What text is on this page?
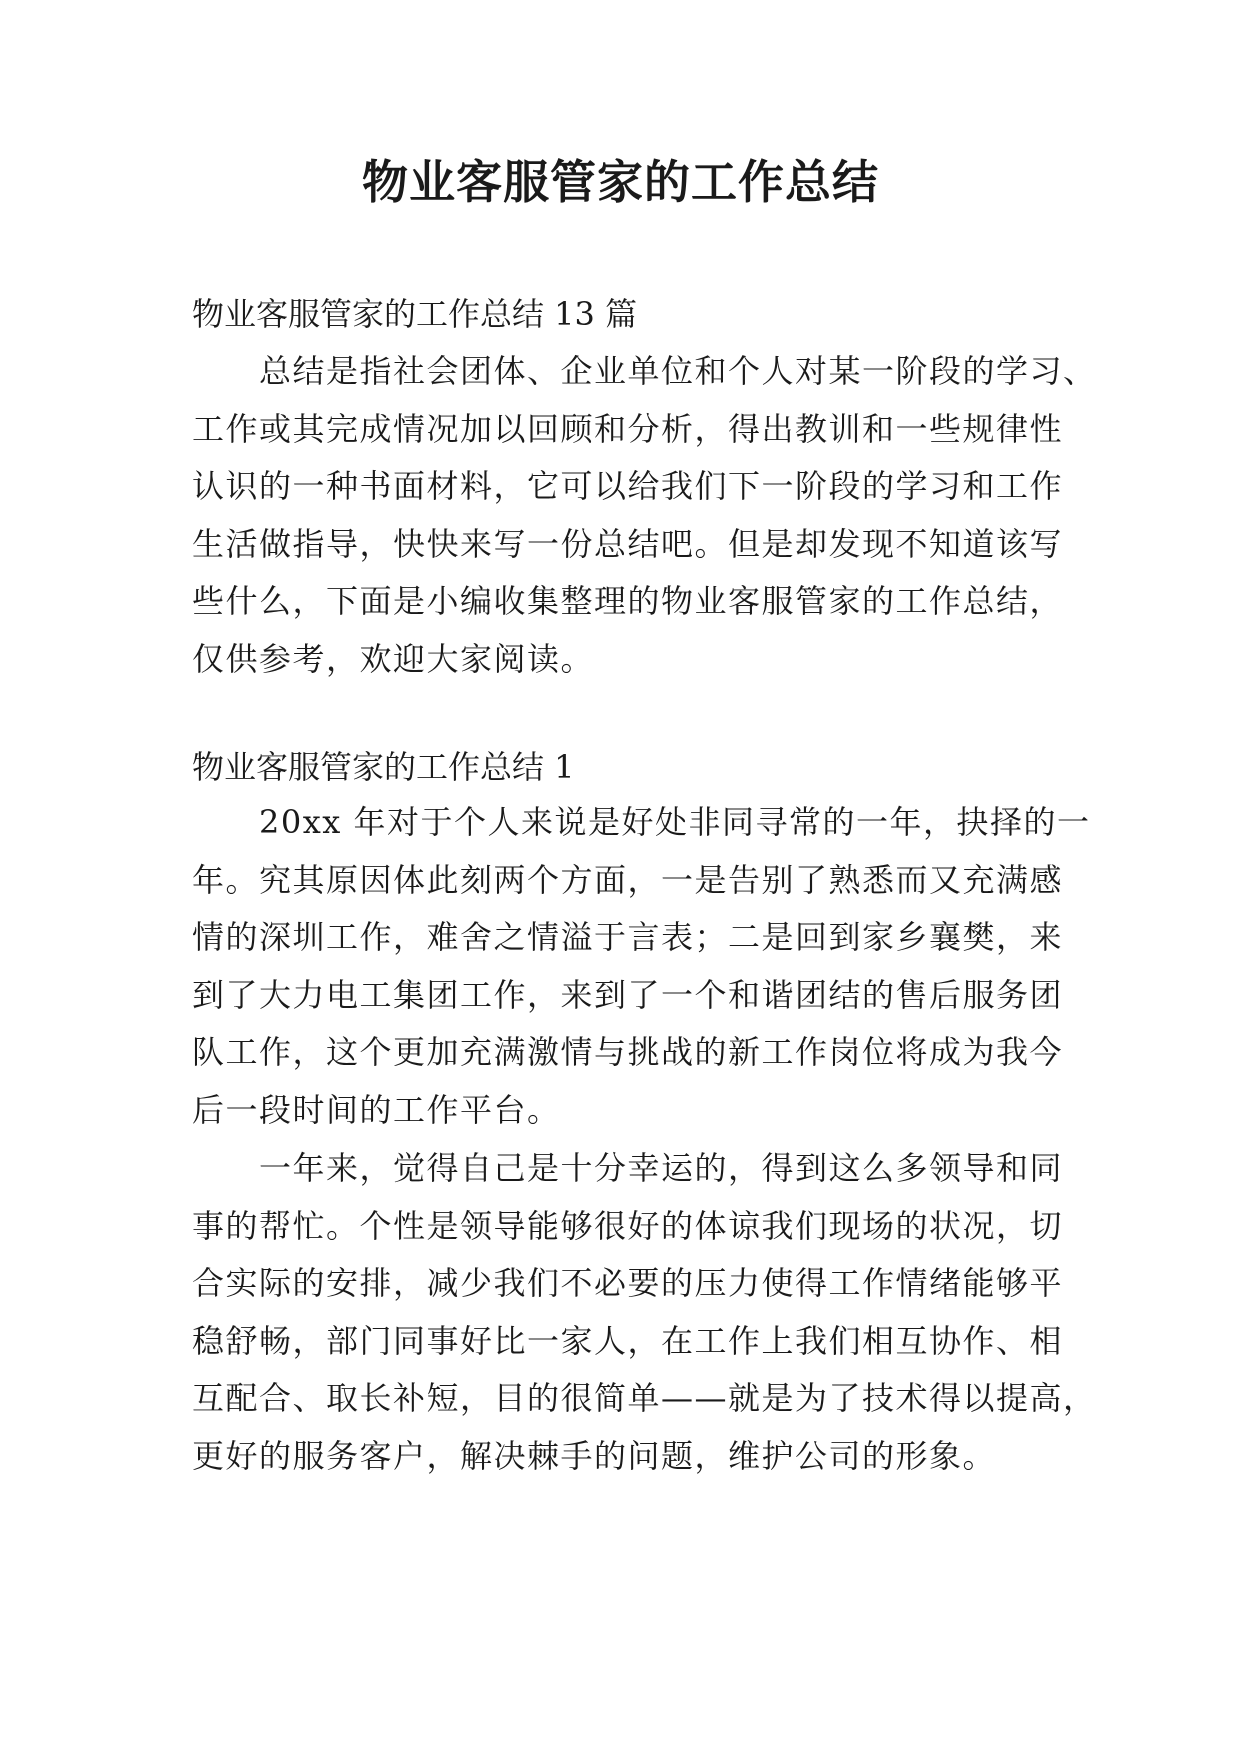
物业客服管家的工作总结
物业客服管家的工作总结 13 篇
总结是指社会团体、企业单位和个人对某一阶段的学习、
工作或其完成情况加以回顾和分析，得出教训和一些规律性
认识的一种书面材料，它可以给我们下一阶段的学习和工作
生活做指导，快快来写一份总结吧。但是却发现不知道该写
些什么，下面是小编收集整理的物业客服管家的工作总结，
仅供参考，欢迎大家阅读。
物业客服管家的工作总结 1
20xx 年对于个人来说是好处非同寻常的一年，抉择的一
年。究其原因体此刻两个方面，一是告别了熟悉而又充满感
情的深圳工作，难舍之情溢于言表；二是回到家乡襄樊，来
到了大力电工集团工作，来到了一个和谐团结的售后服务团
队工作，这个更加充满激情与挑战的新工作岗位将成为我今
后一段时间的工作平台。
一年来，觉得自己是十分幸运的，得到这么多领导和同
事的帮忙。个性是领导能够很好的体谅我们现场的状况，切
合实际的安排，减少我们不必要的压力使得工作情绪能够平
稳舒畅，部门同事好比一家人，在工作上我们相互协作、相
互配合、取长补短，目的很简单——就是为了技术得以提高，
更好的服务客户，解决棘手的问题，维护公司的形象。
